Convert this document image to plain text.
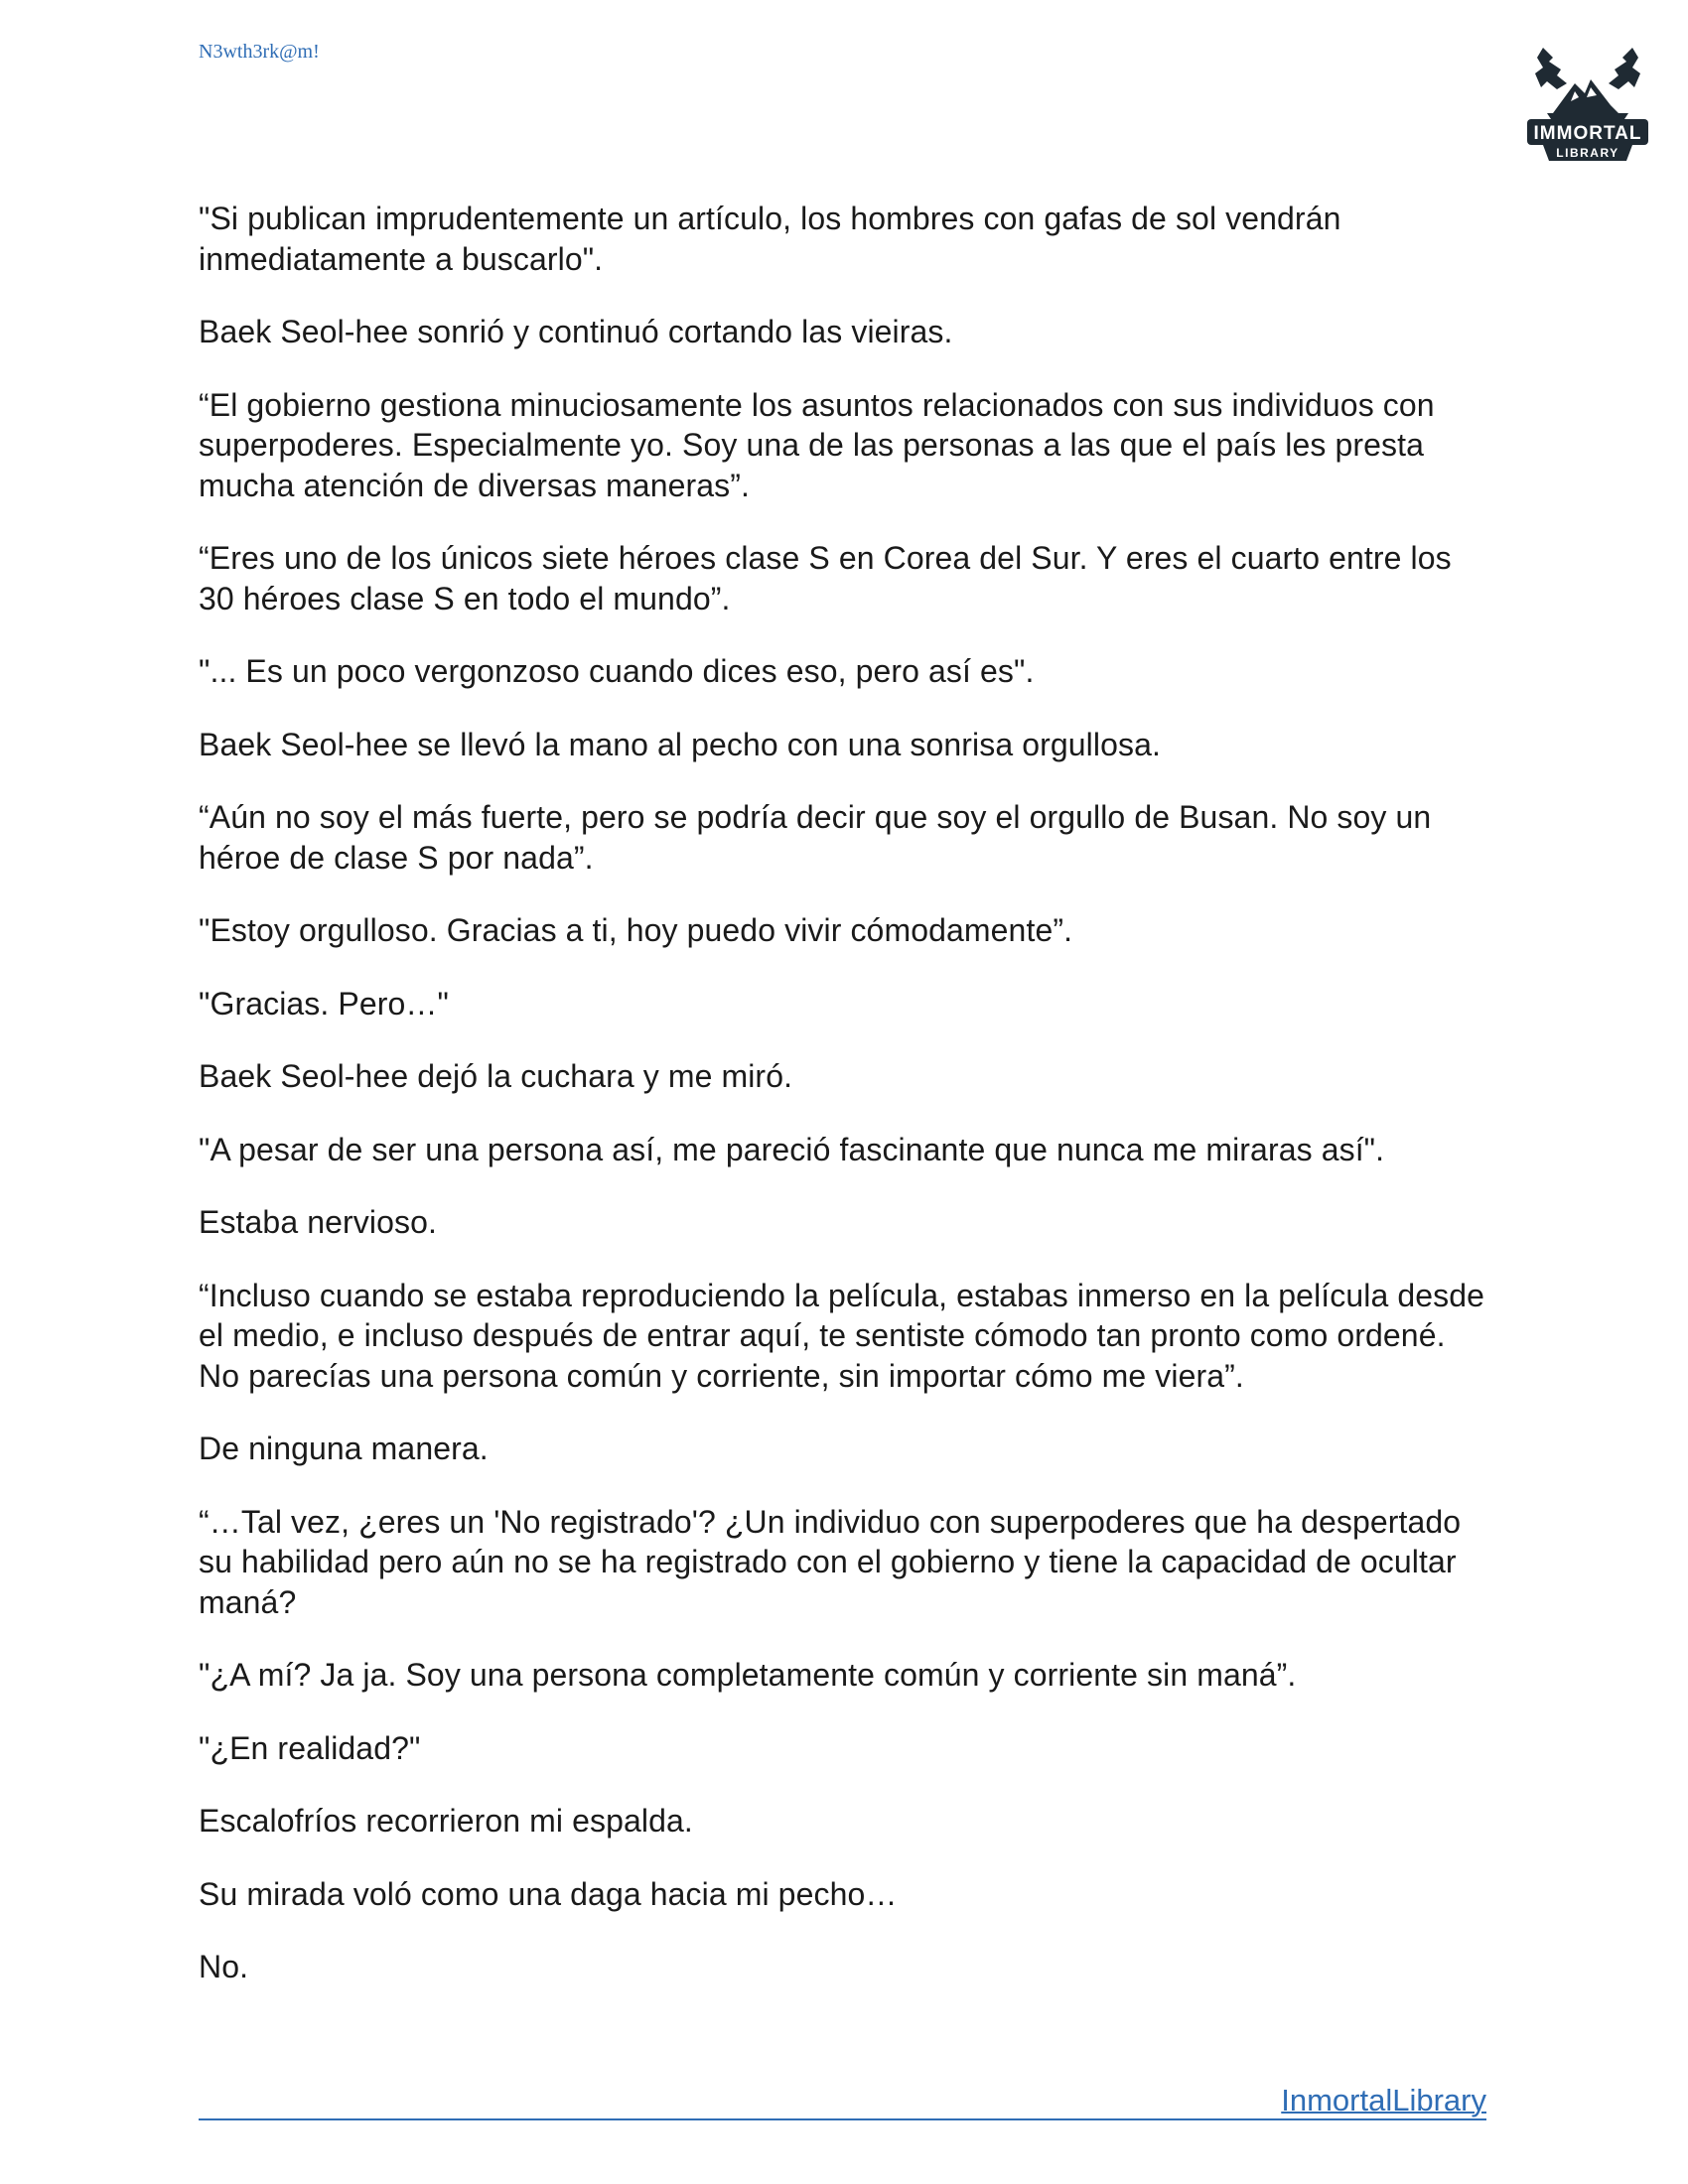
N3wth3rk@m!
IMMORTAL
LIBRARY

"Si publican imprudentemente un artículo, los hombres con gafas de sol vendrán inmediatamente a buscarlo".

Baek Seol-hee sonrió y continuó cortando las vieiras.

“El gobierno gestiona minuciosamente los asuntos relacionados con sus individuos con superpoderes. Especialmente yo. Soy una de las personas a las que el país les presta mucha atención de diversas maneras”.

“Eres uno de los únicos siete héroes clase S en Corea del Sur. Y eres el cuarto entre los 30 héroes clase S en todo el mundo”.

"... Es un poco vergonzoso cuando dices eso, pero así es".

Baek Seol-hee se llevó la mano al pecho con una sonrisa orgullosa.

“Aún no soy el más fuerte, pero se podría decir que soy el orgullo de Busan. No soy un héroe de clase S por nada”.

"Estoy orgulloso. Gracias a ti, hoy puedo vivir cómodamente”.

"Gracias. Pero…"

Baek Seol-hee dejó la cuchara y me miró.

"A pesar de ser una persona así, me pareció fascinante que nunca me miraras así".

Estaba nervioso.

“Incluso cuando se estaba reproduciendo la película, estabas inmerso en la película desde el medio, e incluso después de entrar aquí, te sentiste cómodo tan pronto como ordené. No parecías una persona común y corriente, sin importar cómo me viera”.

De ninguna manera.

“…Tal vez, ¿eres un 'No registrado'? ¿Un individuo con superpoderes que ha despertado su habilidad pero aún no se ha registrado con el gobierno y tiene la capacidad de ocultar maná?

"¿A mí? Ja ja. Soy una persona completamente común y corriente sin maná”.

"¿En realidad?"

Escalofríos recorrieron mi espalda.

Su mirada voló como una daga hacia mi pecho…

No.

InmortalLibrary
